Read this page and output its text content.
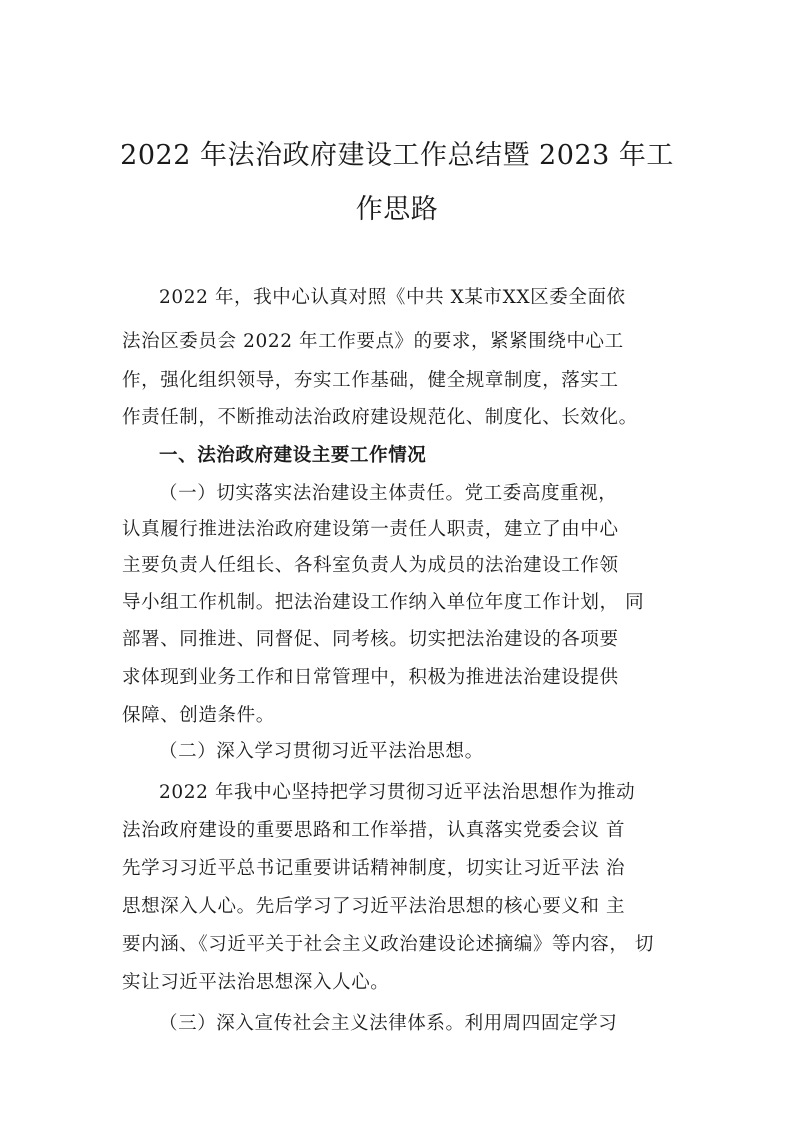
2022 年法治政府建设工作总结暨 2023 年工
作思路
2022 年，我中心认真对照《中共 X某市XX区委全面依
法治区委员会 2022 年工作要点》的要求，紧紧围绕中心工
作，强化组织领导，夯实工作基础，健全规章制度，落实工
作责任制，不断推动法治政府建设规范化、制度化、长效化。
一、法治政府建设主要工作情况
（一）切实落实法治建设主体责任。党工委高度重视，
认真履行推进法治政府建设第一责任人职责，建立了由中心
主要负责人任组长、各科室负责人为成员的法治建设工作领
导小组工作机制。把法治建设工作纳入单位年度工作计划， 同
部署、同推进、同督促、同考核。切实把法治建设的各项要
求体现到业务工作和日常管理中，积极为推进法治建设提供
保障、创造条件。
（二）深入学习贯彻习近平法治思想。
2022 年我中心坚持把学习贯彻习近平法治思想作为推动
法治政府建设的重要思路和工作举措，认真落实党委会议 首
先学习习近平总书记重要讲话精神制度，切实让习近平法 治
思想深入人心。先后学习了习近平法治思想的核心要义和 主
要内涵、《习近平关于社会主义政治建设论述摘编》等内容， 切
实让习近平法治思想深入人心。
（三）深入宣传社会主义法律体系。利用周四固定学习
